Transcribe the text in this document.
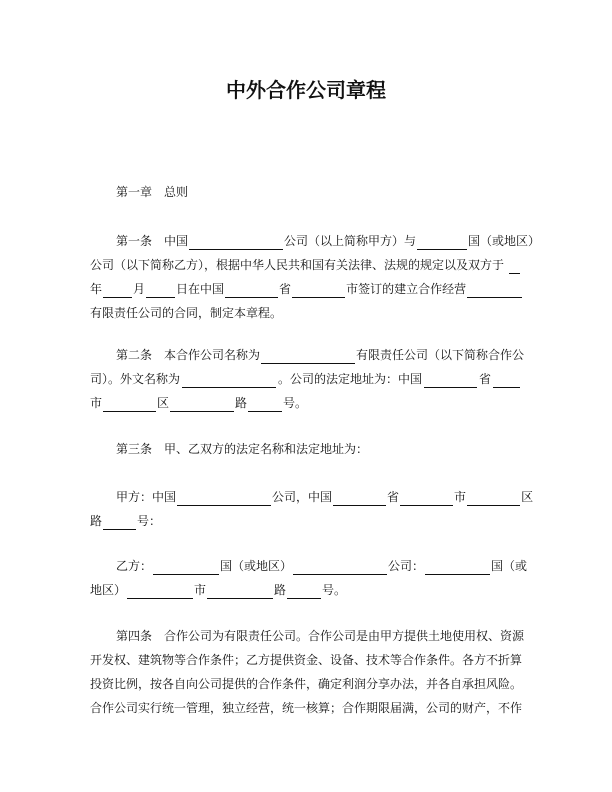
中外合作公司章程
第一章　总则
第一条　中国	公司（以上简称甲方）与	国（或地区）
公司（以下简称乙方），根据中华人民共和国有关法律、法规的规定以及双方于
年	月	日在中国	省	市签订的建立合作经营
有限责任公司的合同，制定本章程。
第二条　本合作公司名称为	有限责任公司（以下简称合作公
司）。外文名称为	。公司的法定地址为：中国	省
市	区	路	号。
第三条　甲、乙双方的法定名称和法定地址为：
甲方：中国	公司，中国	省	市	区
路	号：
乙方：	国（或地区）	公司：	国（或
地区）	市	路	号。
第四条　合作公司为有限责任公司。合作公司是由甲方提供土地使用权、资源
开发权、建筑物等合作条件；乙方提供资金、设备、技术等合作条件。各方不折算
投资比例，按各自向公司提供的合作条件，确定利润分享办法，并各自承担风险。
合作公司实行统一管理，独立经营，统一核算；合作期限届满，公司的财产，不作
